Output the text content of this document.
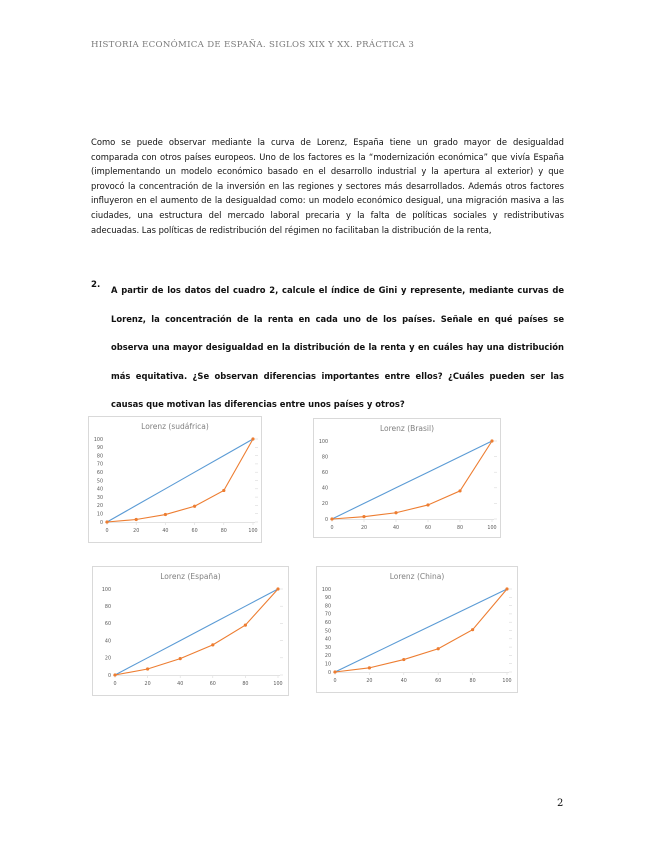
HISTORIA ECONÓMICA DE ESPAÑA. SIGLOS XIX Y XX. PRÁCTICA 3

Como se puede observar mediante la curva de Lorenz, España tiene un grado mayor de desigualdad comparada con otros países europeos. Uno de los factores es la “modernización económica” que vivía España (implementando un modelo económico basado en el desarrollo industrial y la apertura al exterior) y que provocó la concentración de la inversión en las regiones y sectores más desarrollados. Además otros factores influyeron en el aumento de la desigualdad como: un modelo económico desigual, una migración masiva a las ciudades, una estructura del mercado laboral precaria y la falta de políticas sociales y redistributivas adecuadas. Las políticas de redistribución del régimen no facilitaban la distribución de la renta,

2. A partir de los datos del cuadro 2, calcule el índice de Gini y represente, mediante curvas de Lorenz, la concentración de la renta en cada uno de los países. Señale en qué países se observa una mayor desigualdad en la distribución de la renta y en cuáles hay una distribución más equitativa. ¿Se observan diferencias importantes entre ellos? ¿Cuáles pueden ser las causas que motivan las diferencias entre unos países y otros?

Lorenz (sudáfrica)
0
10
20
30
40
50
60
70
80
90
100
0	20	40	60	80	100
Lorenz (Brasil)
0
20
40
60
80
100
0	20	40	60	80	100
Lorenz (España)
0
20
40
60
80
100
0	20	40	60	80	100
Lorenz (China)
0
10
20
30
40
50
60
70
80
90
100
0	20	40	60	80	100
2
